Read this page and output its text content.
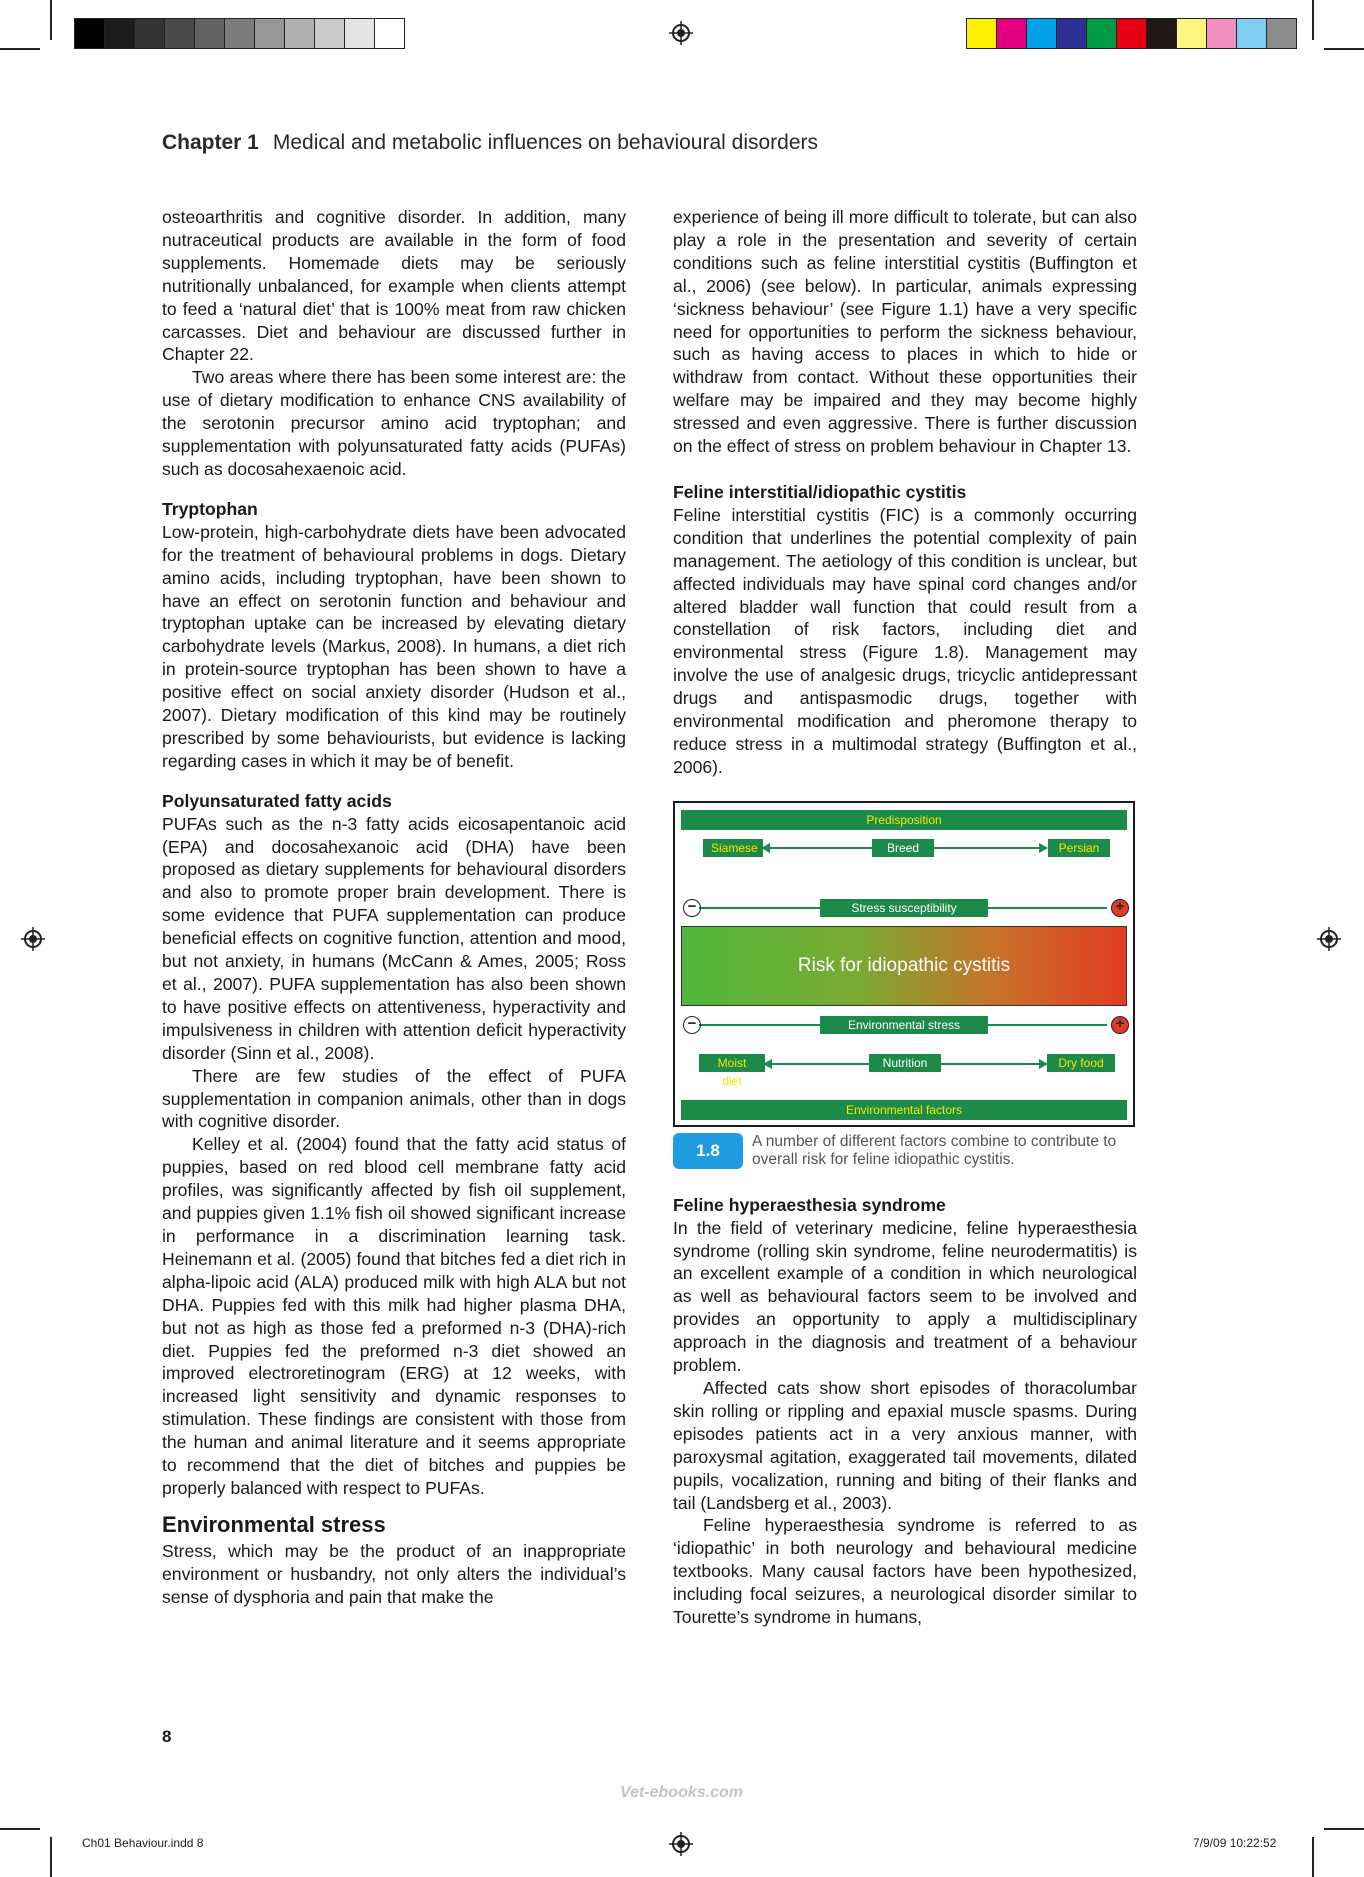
Chapter 1 Medical and metabolic influences on behavioural disorders

osteoarthritis and cognitive disorder. In addition, many nutraceutical products are available in the form of food supplements. Homemade diets may be seriously nutritionally unbalanced, for example when clients attempt to feed a ‘natural diet’ that is 100% meat from raw chicken carcasses. Diet and behaviour are discussed further in Chapter 22.

Two areas where there has been some interest are: the use of dietary modification to enhance CNS availability of the serotonin precursor amino acid tryptophan; and supplementation with polyunsaturated fatty acids (PUFAs) such as docosahexaenoic acid.

Tryptophan

Low-protein, high-carbohydrate diets have been advocated for the treatment of behavioural problems in dogs. Dietary amino acids, including tryptophan, have been shown to have an effect on serotonin function and behaviour and tryptophan uptake can be increased by elevating dietary carbohydrate levels (Markus, 2008). In humans, a diet rich in protein-source tryptophan has been shown to have a positive effect on social anxiety disorder (Hudson et al., 2007). Dietary modification of this kind may be routinely prescribed by some behaviourists, but evidence is lacking regarding cases in which it may be of benefit.

Polyunsaturated fatty acids

PUFAs such as the n-3 fatty acids eicosapentanoic acid (EPA) and docosahexanoic acid (DHA) have been proposed as dietary supplements for behavioural disorders and also to promote proper brain development. There is some evidence that PUFA supplementation can produce beneficial effects on cognitive function, attention and mood, but not anxiety, in humans (McCann & Ames, 2005; Ross et al., 2007). PUFA supplementation has also been shown to have positive effects on attentiveness, hyperactivity and impulsiveness in children with attention deficit hyperactivity disorder (Sinn et al., 2008).

There are few studies of the effect of PUFA supplementation in companion animals, other than in dogs with cognitive disorder.

Kelley et al. (2004) found that the fatty acid status of puppies, based on red blood cell membrane fatty acid profiles, was significantly affected by fish oil supplement, and puppies given 1.1% fish oil showed significant increase in performance in a discrimination learning task. Heinemann et al. (2005) found that bitches fed a diet rich in alpha-lipoic acid (ALA) produced milk with high ALA but not DHA. Puppies fed with this milk had higher plasma DHA, but not as high as those fed a preformed n-3 (DHA)-rich diet. Puppies fed the preformed n-3 diet showed an improved electroretinogram (ERG) at 12 weeks, with increased light sensitivity and dynamic responses to stimulation. These findings are consistent with those from the human and animal literature and it seems appropriate to recommend that the diet of bitches and puppies be properly balanced with respect to PUFAs.

Environmental stress

Stress, which may be the product of an inappropriate environment or husbandry, not only alters the individual’s sense of dysphoria and pain that make the

experience of being ill more difficult to tolerate, but can also play a role in the presentation and severity of certain conditions such as feline interstitial cystitis (Buffington et al., 2006) (see below). In particular, animals expressing ‘sickness behaviour’ (see Figure 1.1) have a very specific need for opportunities to perform the sickness behaviour, such as having access to places in which to hide or withdraw from contact. Without these opportunities their welfare may be impaired and they may become highly stressed and even aggressive. There is further discussion on the effect of stress on problem behaviour in Chapter 13.

Feline interstitial/idiopathic cystitis

Feline interstitial cystitis (FIC) is a commonly occurring condition that underlines the potential complexity of pain management. The aetiology of this condition is unclear, but affected individuals may have spinal cord changes and/or altered bladder wall function that could result from a constellation of risk factors, including diet and environmental stress (Figure 1.8). Management may involve the use of analgesic drugs, tricyclic antidepressant drugs and antispasmodic drugs, together with environmental modification and pheromone therapy to reduce stress in a multimodal strategy (Buffington et al., 2006).

Predisposition
Siamese	Breed	Persian
−	+
Stress susceptibility
Risk for idiopathic cystitis
−	+
Environmental stress
Moist diet
Nutrition	Dry food
Environmental factors
1.8	A number of different factors combine to contribute to overall risk for feline idiopathic cystitis.
Feline hyperaesthesia syndrome

In the field of veterinary medicine, feline hyperaesthesia syndrome (rolling skin syndrome, feline neurodermatitis) is an excellent example of a condition in which neurological as well as behavioural factors seem to be involved and provides an opportunity to apply a multidisciplinary approach in the diagnosis and treatment of a behaviour problem.

Affected cats show short episodes of thoracolumbar skin rolling or rippling and epaxial muscle spasms. During episodes patients act in a very anxious manner, with paroxysmal agitation, exaggerated tail movements, dilated pupils, vocalization, running and biting of their flanks and tail (Landsberg et al., 2003).

Feline hyperaesthesia syndrome is referred to as ‘idiopathic’ in both neurology and behavioural medicine textbooks. Many causal factors have been hypothesized, including focal seizures, a neurological disorder similar to Tourette’s syndrome in humans,

8
Vet-ebooks.com
Ch01 Behaviour.indd 8	7/9/09 10:22:52
